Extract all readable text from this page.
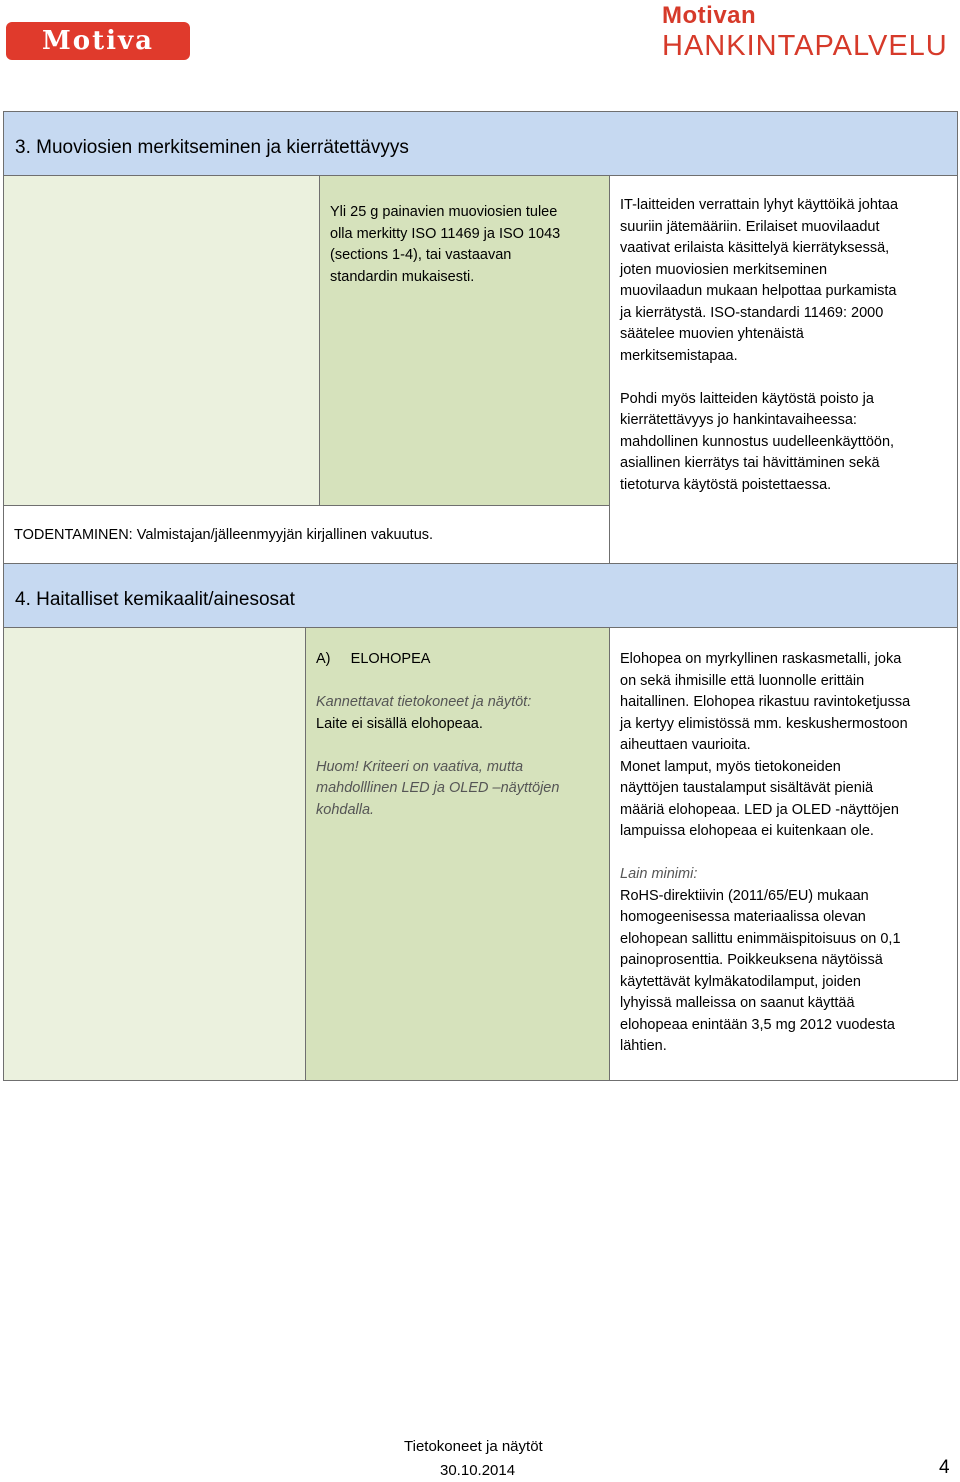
Motiva
Motivan
HANKINTAPALVELU
3. Muoviosien merkitseminen ja kierrätettävyys
Yli 25 g painavien muoviosien tulee
olla merkitty ISO 11469 ja ISO 1043
(sections 1-4), tai vastaavan
standardin mukaisesti.
IT-laitteiden verrattain lyhyt käyttöikä johtaa
suuriin jätemääriin. Erilaiset muovilaadut
vaativat erilaista käsittelyä kierrätyksessä,
joten muoviosien merkitseminen
muovilaadun mukaan helpottaa purkamista
ja kierrätystä. ISO-standardi 11469: 2000
säätelee muovien yhtenäistä
merkitsemistapaa.
Pohdi myös laitteiden käytöstä poisto ja
kierrätettävyys jo hankintavaiheessa:
mahdollinen kunnostus uudelleenkäyttöön,
asiallinen kierrätys tai hävittäminen sekä
tietoturva käytöstä poistettaessa.
TODENTAMINEN: Valmistajan/jälleenmyyjän kirjallinen vakuutus.
4. Haitalliset kemikaalit/ainesosat
A)     ELOHOPEA
Kannettavat tietokoneet ja näytöt:
Laite ei sisällä elohopeaa.
Huom! Kriteeri on vaativa, mutta
mahdolllinen LED ja OLED –näyttöjen
kohdalla.
Elohopea on myrkyllinen raskasmetalli, joka
on sekä ihmisille että luonnolle erittäin
haitallinen. Elohopea rikastuu ravintoketjussa
ja kertyy elimistössä mm. keskushermostoon
aiheuttaen vaurioita.
Monet lamput, myös tietokoneiden
näyttöjen taustalamput sisältävät pieniä
määriä elohopeaa. LED ja OLED -näyttöjen
lampuissa elohopeaa ei kuitenkaan ole.
Lain minimi:
RoHS-direktiivin (2011/65/EU) mukaan
homogeenisessa materiaalissa olevan
elohopean sallittu enimmäispitoisuus on 0,1
painoprosenttia. Poikkeuksena näytöissä
käytettävät kylmäkatodilamput, joiden
lyhyissä malleissa on saanut käyttää
elohopeaa enintään 3,5 mg 2012 vuodesta
lähtien.
Tietokoneet ja näytöt
30.10.2014	4
